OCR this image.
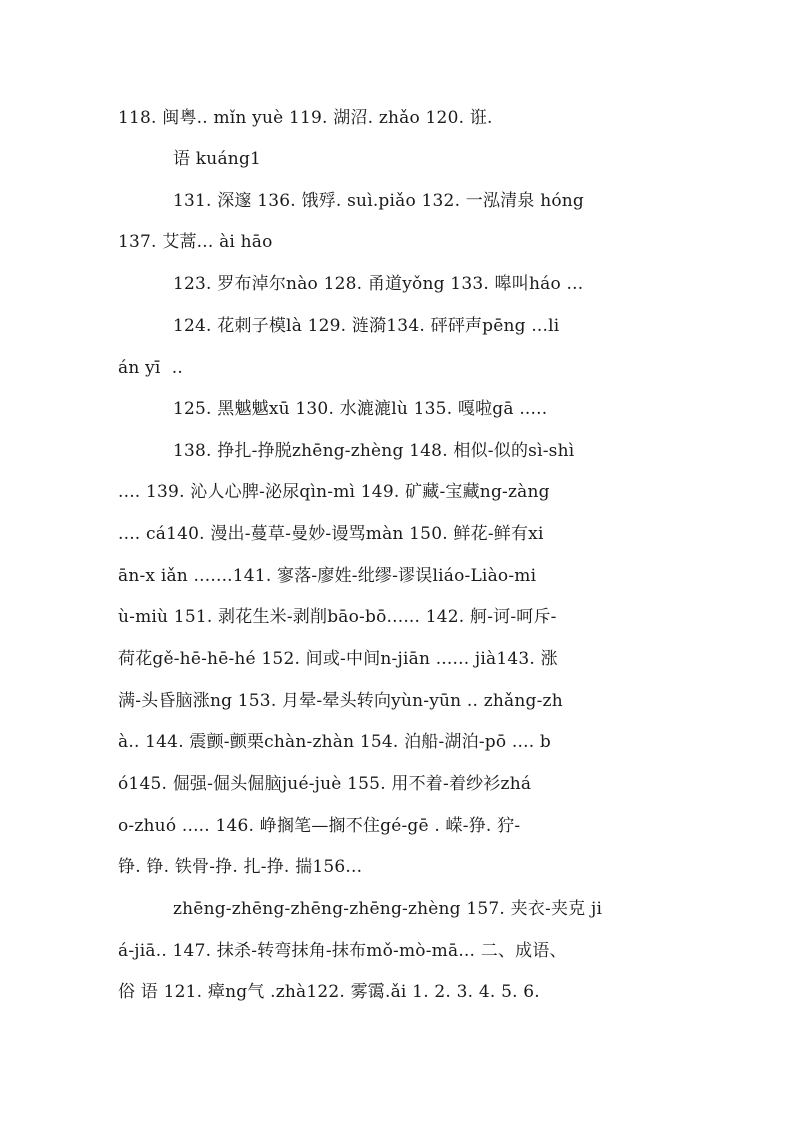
118. 闽粤.. mǐn yuè 119. 湖沼. zhǎo 120. 诳.
语 kuáng1
131. 深邃 136. 饿殍. suì.piǎo 132. 一泓清泉 hóng
137. 艾蒿... ài hāo
123. 罗布淖尔nào 128. 甬道yǒng 133. 嗥叫háo ...
124. 花刺子模là 129. 涟漪134. 砰砰声pēng ...li
án yī  ..
125. 黑魆魆xū 130. 水漉漉lù 135. 嘎啦gā .....
138. 挣扎-挣脱zhēng-zhèng 148. 相似-似的sì-shì
.... 139. 沁人心脾-泌尿qìn-mì 149. 矿藏-宝藏ng-zàng
.... cá140. 漫出-蔓草-曼妙-谩骂màn 150. 鲜花-鲜有xi
ān-x iǎn .......141. 寥落-廖姓-纰缪-谬误liáo-Liào-mi
ù-miù 151. 剥花生米-剥削bāo-bō...... 142. 舸-诃-呵斥-
荷花gě-hē-hē-hé 152. 间或-中间n-jiān ...... jià143. 涨
满-头昏脑涨ng 153. 月晕-晕头转向yùn-yūn .. zhǎng-zh
à.. 144. 震颤-颤栗chàn-zhàn 154. 泊船-湖泊-pō .... b
ó145. 倔强-倔头倔脑jué-juè 155. 用不着-着纱衫zhá
o-zhuó ..... 146. 峥搁笔—搁不住gé-gē . 嵘-狰. 狞-
铮. 铮. 铁骨-挣. 扎-挣. 揣156...
zhēng-zhēng-zhēng-zhēng-zhèng 157. 夹衣-夹克 ji
á-jiā.. 147. 抹杀-转弯抹角-抹布mǒ-mò-mā... 二、成语、
俗 语 121. 瘴ng气 .zhà122. 雾霭.ǎi 1. 2. 3. 4. 5. 6.
